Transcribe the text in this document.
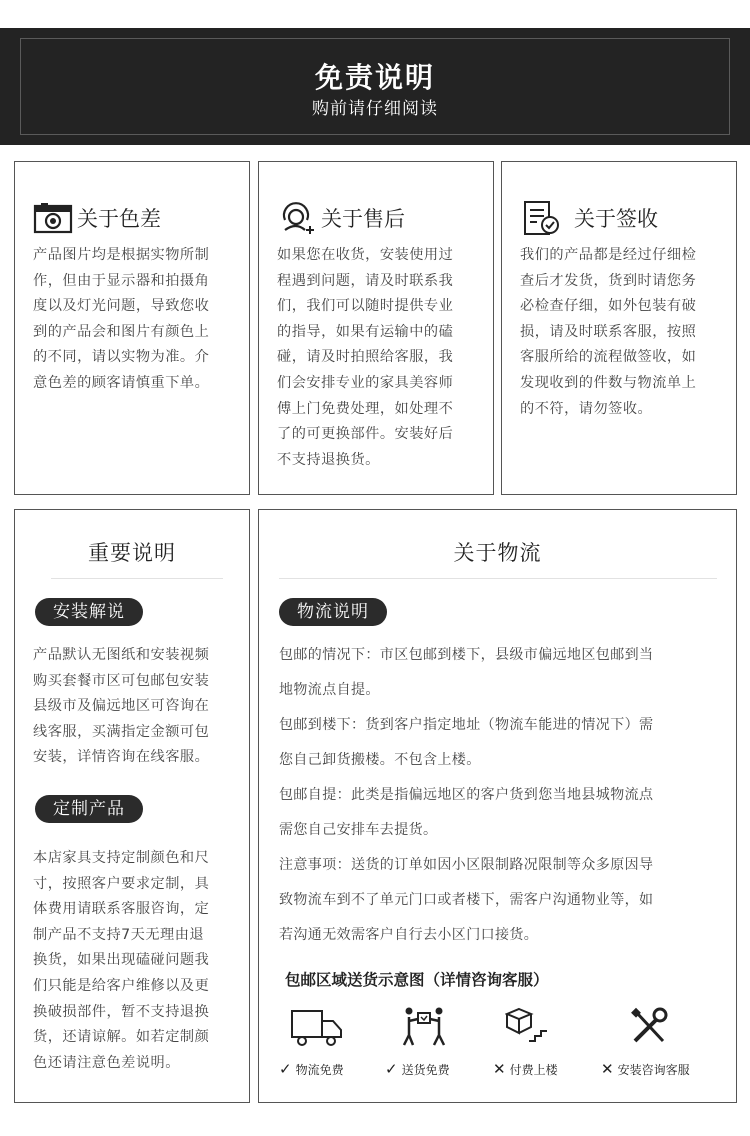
免责说明
购前请仔细阅读
关于色差
产品图片均是根据实物所制
作，但由于显示器和拍摄角
度以及灯光问题，导致您收
到的产品会和图片有颜色上
的不同，请以实物为准。介
意色差的顾客请慎重下单。
关于售后
如果您在收货，安装使用过
程遇到问题，请及时联系我
们，我们可以随时提供专业
的指导，如果有运输中的磕
碰，请及时拍照给客服，我
们会安排专业的家具美容师
傅上门免费处理，如处理不
了的可更换部件。安装好后
不支持退换货。
关于签收
我们的产品都是经过仔细检
查后才发货，货到时请您务
必检查仔细，如外包装有破
损，请及时联系客服，按照
客服所给的流程做签收，如
发现收到的件数与物流单上
的不符，请勿签收。
重要说明
安装解说
产品默认无图纸和安装视频
购买套餐市区可包邮包安装
县级市及偏远地区可咨询在
线客服，买满指定金额可包
安装，详情咨询在线客服。
定制产品
本店家具支持定制颜色和尺
寸，按照客户要求定制，具
体费用请联系客服咨询，定
制产品不支持7天无理由退
换货，如果出现磕碰问题我
们只能是给客户维修以及更
换破损部件，暂不支持退换
货，还请谅解。如若定制颜
色还请注意色差说明。
关于物流
物流说明

包邮的情况下：市区包邮到楼下，县级市偏远地区包邮到当

地物流点自提。

包邮到楼下：货到客户指定地址（物流车能进的情况下）需

您自己卸货搬楼。不包含上楼。

包邮自提：此类是指偏远地区的客户货到您当地县城物流点

需您自己安排车去提货。

注意事项：送货的订单如因小区限制路况限制等众多原因导

致物流车到不了单元门口或者楼下，需客户沟通物业等，如

若沟通无效需客户自行去小区门口接货。

包邮区域送货示意图（详情咨询客服）
✓ 物流免费	✓ 送货免费	✕ 付费上楼	✕ 安装咨询客服
